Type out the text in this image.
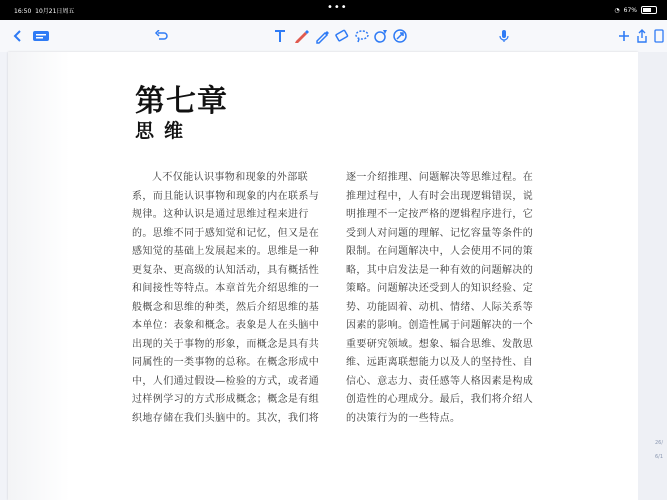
16:50 10月21日周五	•••	◔ 67%
第七章
思维
人不仅能认识事物和现象的外部联
系，而且能认识事物和现象的内在联系与
规律。这种认识是通过思维过程来进行
的。思维不同于感知觉和记忆，但又是在
感知觉的基础上发展起来的。思维是一种
更复杂、更高级的认知活动，具有概括性
和间接性等特点。本章首先介绍思维的一
般概念和思维的种类，然后介绍思维的基
本单位：表象和概念。表象是人在头脑中
出现的关于事物的形象，而概念是具有共
同属性的一类事物的总称。在概念形成中
中，人们通过假设—检验的方式，或者通
过样例学习的方式形成概念；概念是有组
织地存储在我们头脑中的。其次，我们将
逐一介绍推理、问题解决等思维过程。在
推理过程中，人有时会出现逻辑错误，说
明推理不一定按严格的逻辑程序进行，它
受到人对问题的理解、记忆容量等条件的
限制。在问题解决中，人会使用不同的策
略，其中启发法是一种有效的问题解决的
策略。问题解决还受到人的知识经验、定
势、功能固着、动机、情绪、人际关系等
因素的影响。创造性属于问题解决的一个
重要研究领域。想象、辐合思维、发散思
维、远距离联想能力以及人的坚持性、自
信心、意志力、责任感等人格因素是构成
创造性的心理成分。最后，我们将介绍人
的决策行为的一些特点。
26/
6/1
